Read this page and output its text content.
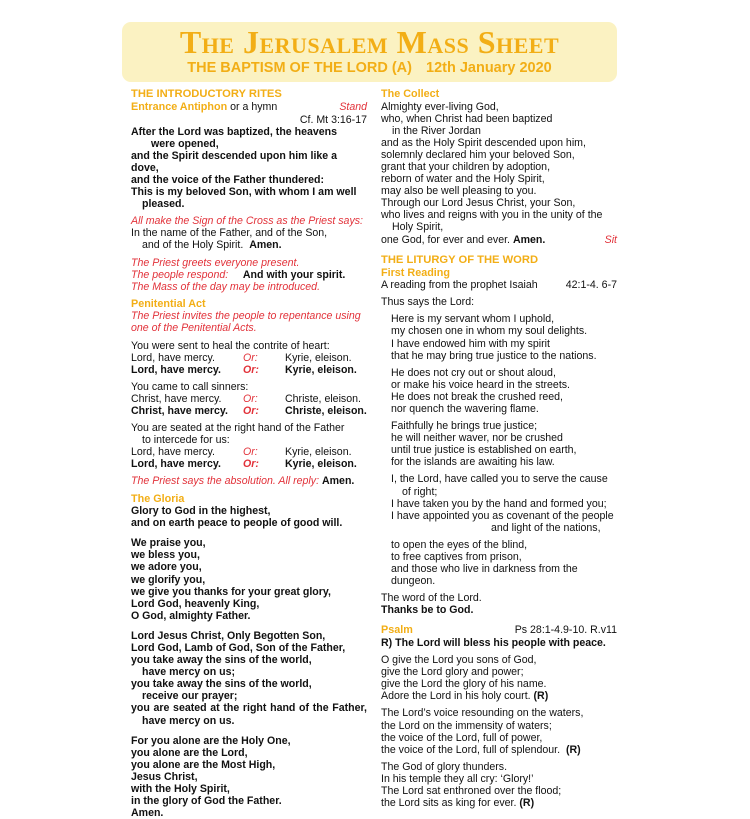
The Jerusalem Mass Sheet
THE BAPTISM OF THE LORD (A) 12th January 2020
THE INTRODUCTORY RITES
Entrance Antiphon or a hymn	Stand
Cf. Mt 3:16-17
After the Lord was baptized, the heavens
were opened,
and the Spirit descended upon him like a dove,
and the voice of the Father thundered:
This is my beloved Son, with whom I am well
pleased.
All make the Sign of the Cross as the Priest says:
In the name of the Father, and of the Son,
and of the Holy Spirit. Amen.
The Priest greets everyone present.
The people respond: And with your spirit.
The Mass of the day may be introduced.
Penitential Act
The Priest invites the people to repentance using
one of the Penitential Acts.
You were sent to heal the contrite of heart:
Lord, have mercy.	Or:	Kyrie, eleison.
Lord, have mercy.	Or:	Kyrie, eleison.
You came to call sinners:
Christ, have mercy.	Or:	Christe, eleison.
Christ, have mercy.	Or:	Christe, eleison.
You are seated at the right hand of the Father
to intercede for us:
Lord, have mercy.	Or:	Kyrie, eleison.
Lord, have mercy.	Or:	Kyrie, eleison.
The Priest says the absolution. All reply: Amen.
The Gloria
Glory to God in the highest,
and on earth peace to people of good will.
We praise you,
we bless you,
we adore you,
we glorify you,
we give you thanks for your great glory,
Lord God, heavenly King,
O God, almighty Father.
Lord Jesus Christ, Only Begotten Son,
Lord God, Lamb of God, Son of the Father,
you take away the sins of the world,
have mercy on us;
you take away the sins of the world,
receive our prayer;
you are seated at the right hand of the Father,
have mercy on us.
For you alone are the Holy One,
you alone are the Lord,
you alone are the Most High,
Jesus Christ,
with the Holy Spirit,
in the glory of God the Father.
Amen.
The Collect
Almighty ever-living God,
who, when Christ had been baptized
in the River Jordan
and as the Holy Spirit descended upon him,
solemnly declared him your beloved Son,
grant that your children by adoption,
reborn of water and the Holy Spirit,
may also be well pleasing to you.
Through our Lord Jesus Christ, your Son,
who lives and reigns with you in the unity of the
Holy Spirit,
one God, for ever and ever. Amen.	Sit
THE LITURGY OF THE WORD
First Reading
A reading from the prophet Isaiah	42:1-4. 6-7
Thus says the Lord:
Here is my servant whom I uphold,
my chosen one in whom my soul delights.
I have endowed him with my spirit
that he may bring true justice to the nations.
He does not cry out or shout aloud,
or make his voice heard in the streets.
He does not break the crushed reed,
nor quench the wavering flame.
Faithfully he brings true justice;
he will neither waver, nor be crushed
until true justice is established on earth,
for the islands are awaiting his law.
I, the Lord, have called you to serve the cause
of right;
I have taken you by the hand and formed you;
I have appointed you as covenant of the people
and light of the nations,
to open the eyes of the blind,
to free captives from prison,
and those who live in darkness from the dungeon.
The word of the Lord.
Thanks be to God.
Psalm	Ps 28:1-4.9-10. R.v11
R) The Lord will bless his people with peace.
O give the Lord you sons of God,
give the Lord glory and power;
give the Lord the glory of his name.
Adore the Lord in his holy court. (R)
The Lord’s voice resounding on the waters,
the Lord on the immensity of waters;
the voice of the Lord, full of power,
the voice of the Lord, full of splendour. (R)
The God of glory thunders.
In his temple they all cry: ‘Glory!’
The Lord sat enthroned over the flood;
the Lord sits as king for ever. (R)
